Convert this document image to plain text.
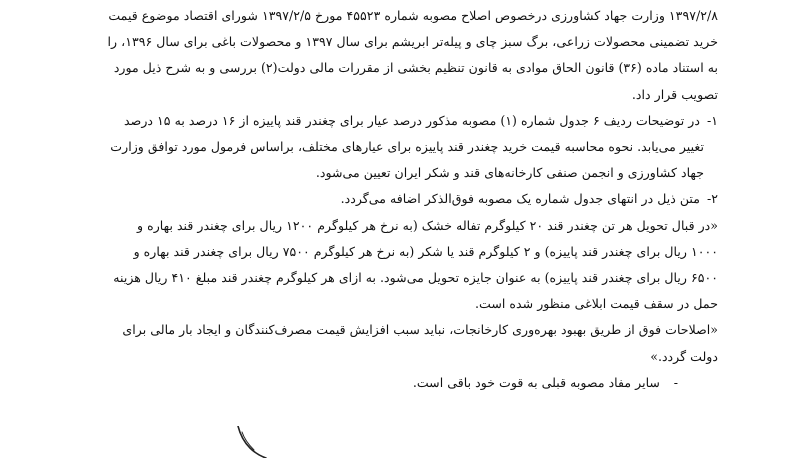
۱۳۹۷/۲/۸ وزارت جهاد کشاورزی درخصوص اصلاح مصوبه شماره ۴۵۵۲۳ مورخ ۱۳۹۷/۲/۵ شورای اقتصاد موضوع قیمت

خرید تضمینی محصولات زراعی، برگ سبز چای و پیله‌تر ابریشم برای سال ۱۳۹۷ و محصولات باغی برای سال ۱۳۹۶، را

به استناد ماده (۳۶) قانون الحاق موادی به قانون تنظیم بخشی از مقررات مالی دولت(۲) بررسی و به شرح ذیل مورد

تصویب قرار داد.

۱- در توضیحات ردیف ۶ جدول شماره (۱) مصوبه مذکور درصد عیار برای چغندر قند پاییزه از ۱۶ درصد به ۱۵ درصد

تغییر می‌یابد. نحوه محاسبه قیمت خرید چغندر قند پاییزه برای عیارهای مختلف، براساس فرمول مورد توافق وزارت

جهاد کشاورزی و انجمن صنفی کارخانه‌های قند و شکر ایران تعیین می‌شود.

۲- متن ذیل در انتهای جدول شماره یک مصوبه فوق‌الذکر اضافه می‌گردد.

«در قبال تحویل هر تن چغندر قند ۲۰ کیلوگرم تفاله خشک (به نرخ هر کیلوگرم ۱۲۰۰ ریال برای چغندر قند بهاره و

۱۰۰۰ ریال برای چغندر قند پاییزه) و ۲ کیلوگرم قند یا شکر (به نرخ هر کیلوگرم ۷۵۰۰ ریال برای چغندر قند بهاره و

۶۵۰۰ ریال برای چغندر قند پاییزه) به عنوان جایزه تحویل می‌شود. به ازای هر کیلوگرم چغندر قند مبلغ ۴۱۰ ریال هزینه

حمل در سقف قیمت ابلاغی منظور شده است.

«اصلاحات فوق از طریق بهبود بهره‌وری کارخانجات، نباید سبب افزایش قیمت مصرف‌کنندگان و ایجاد بار مالی برای

دولت گردد.»

- سایر مفاد مصوبه قبلی به قوت خود باقی است.
